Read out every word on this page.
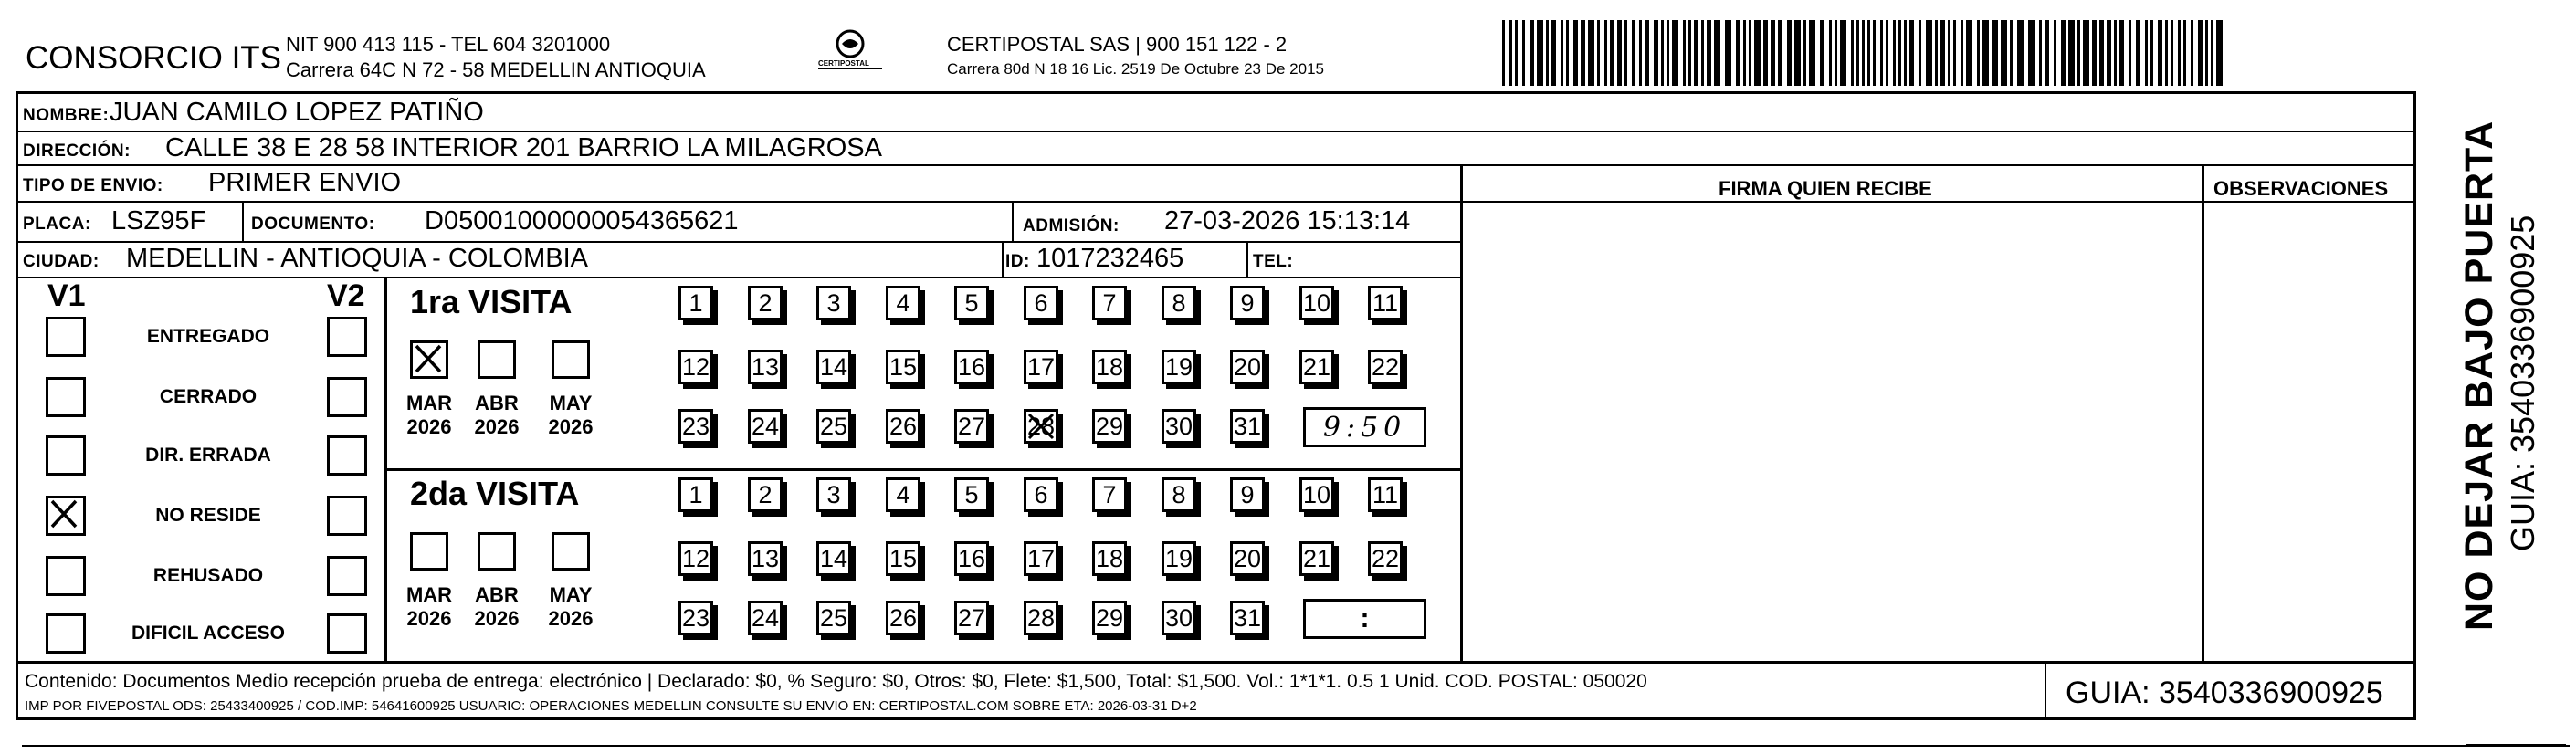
CONSORCIO ITS NIT 900 413 115 - TEL 604 3201000
Carrera 64C N 72 - 58 MEDELLIN ANTIOQUIA	CERTIPOSTAL
CERTIPOSTAL SAS | 900 151 122 - 2
Carrera 80d N 18 16 Lic. 2519 De Octubre 23 De 2015
NOMBRE: JUAN CAMILO LOPEZ PATIÑO
DIRECCIÓN: CALLE 38 E 28 58 INTERIOR 201 BARRIO LA MILAGROSA
TIPO DE ENVIO: PRIMER ENVIO
PLACA: LSZ95F	DOCUMENTO: D05001000000054365621	ADMISIÓN: 27-03-2026 15:13:14
CIUDAD: MEDELLIN - ANTIOQUIA - COLOMBIA	ID: 1017232465	TEL:
FIRMA QUIEN RECIBE	OBSERVACIONES
V1	V2
ENTREGADO
CERRADO
DIR. ERRADA
NO RESIDE
REHUSADO
DIFICIL ACCESO
1ra VISITA
MAR
2026
ABR
2026
MAY
2026
1	2	3	4	5	6	7	8	9	10 11
12 13 14 15 16 17 18 19 20 21 22
23 24 25 26 27 28 29 30 31 9:50
2da VISITA
MAR
2026
ABR
2026
MAY
2026
1	2	3	4	5	6	7	8	9	10 11
12 13 14 15 16 17 18 19 20 21 22
23 24 25 26 27 28 29 30 31	:
Contenido: Documentos Medio recepción prueba de entrega: electrónico | Declarado: $0, % Seguro: $0, Otros: $0, Flete: $1,500, Total: $1,500. Vol.: 1*1*1. 0.5 1 Unid. COD. POSTAL: 050020
IMP POR FIVEPOSTAL ODS: 25433400925 / COD.IMP: 54641600925 USUARIO: OPERACIONES MEDELLIN CONSULTE SU ENVIO EN: CERTIPOSTAL.COM SOBRE ETA: 2026-03-31 D+2	GUIA: 3540336900925
NO DEJAR BAJO PUERTA GUIA: 3540336900925
